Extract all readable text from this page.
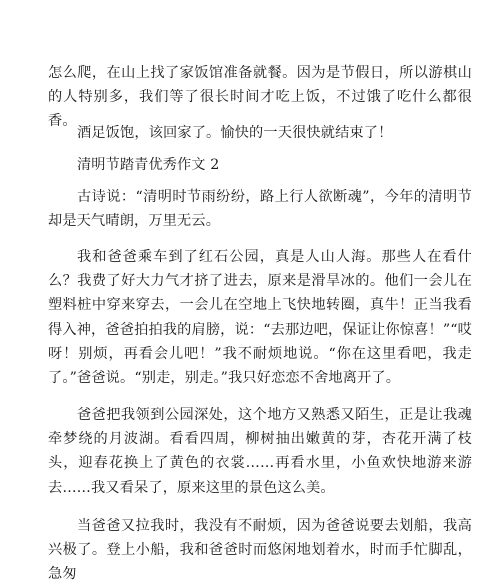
怎么爬，在山上找了家饭馆准备就餐。因为是节假日，所以游棋山的人特别多，我们等了很长时间才吃上饭，不过饿了吃什么都很香。

酒足饭饱，该回家了。愉快的一天很快就结束了！

清明节踏青优秀作文 2

古诗说：“清明时节雨纷纷，路上行人欲断魂”，今年的清明节却是天气晴朗，万里无云。

我和爸爸乘车到了红石公园，真是人山人海。那些人在看什么？我费了好大力气才挤了进去，原来是滑旱冰的。他们一会儿在塑料桩中穿来穿去，一会儿在空地上飞快地转圈，真牛！正当我看得入神，爸爸拍拍我的肩膀，说：“去那边吧，保证让你惊喜！”“哎呀！别烦，再看会儿吧！”我不耐烦地说。“你在这里看吧，我走了。”爸爸说。“别走，别走。”我只好恋恋不舍地离开了。

爸爸把我领到公园深处，这个地方又熟悉又陌生，正是让我魂牵梦绕的月波湖。看看四周，柳树抽出嫩黄的芽，杏花开满了枝头，迎春花换上了黄色的衣裳……再看水里，小鱼欢快地游来游去……我又看呆了，原来这里的景色这么美。

当爸爸又拉我时，我没有不耐烦，因为爸爸说要去划船，我高兴极了。登上小船，我和爸爸时而悠闲地划着水，时而手忙脚乱，急匆
